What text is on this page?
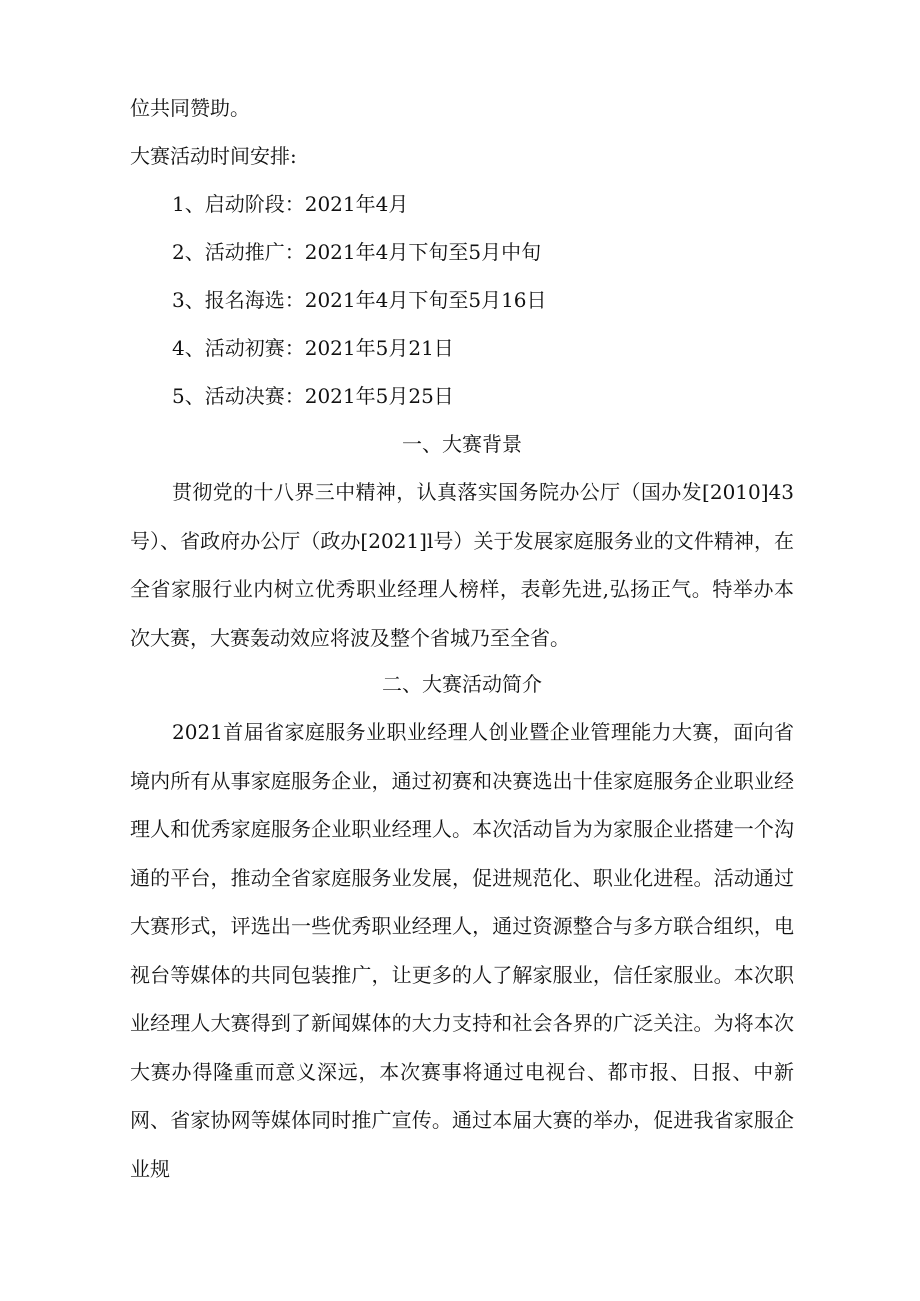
位共同赞助。
大赛活动时间安排:
1、启动阶段：2021年4月
2、活动推广：2021年4月下旬至5月中旬
3、报名海选：2021年4月下旬至5月16日
4、活动初赛：2021年5月21日
5、活动决赛：2021年5月25日
一、大赛背景
贯彻党的十八界三中精神，认真落实国务院办公厅（国办发[2010]43号）、省政府办公厅（政办[2021]l号）关于发展家庭服务业的文件精神，在全省家服行业内树立优秀职业经理人榜样，表彰先进,弘扬正气。特举办本次大赛，大赛轰动效应将波及整个省城乃至全省。
二、大赛活动简介
2021首届省家庭服务业职业经理人创业暨企业管理能力大赛，面向省境内所有从事家庭服务企业，通过初赛和决赛选出十佳家庭服务企业职业经理人和优秀家庭服务企业职业经理人。本次活动旨为为家服企业搭建一个沟通的平台，推动全省家庭服务业发展，促进规范化、职业化进程。活动通过大赛形式，评选出一些优秀职业经理人，通过资源整合与多方联合组织，电视台等媒体的共同包装推广，让更多的人了解家服业，信任家服业。本次职业经理人大赛得到了新闻媒体的大力支持和社会各界的广泛关注。为将本次大赛办得隆重而意义深远，本次赛事将通过电视台、都市报、日报、中新网、省家协网等媒体同时推广宣传。通过本届大赛的举办，促进我省家服企业规
